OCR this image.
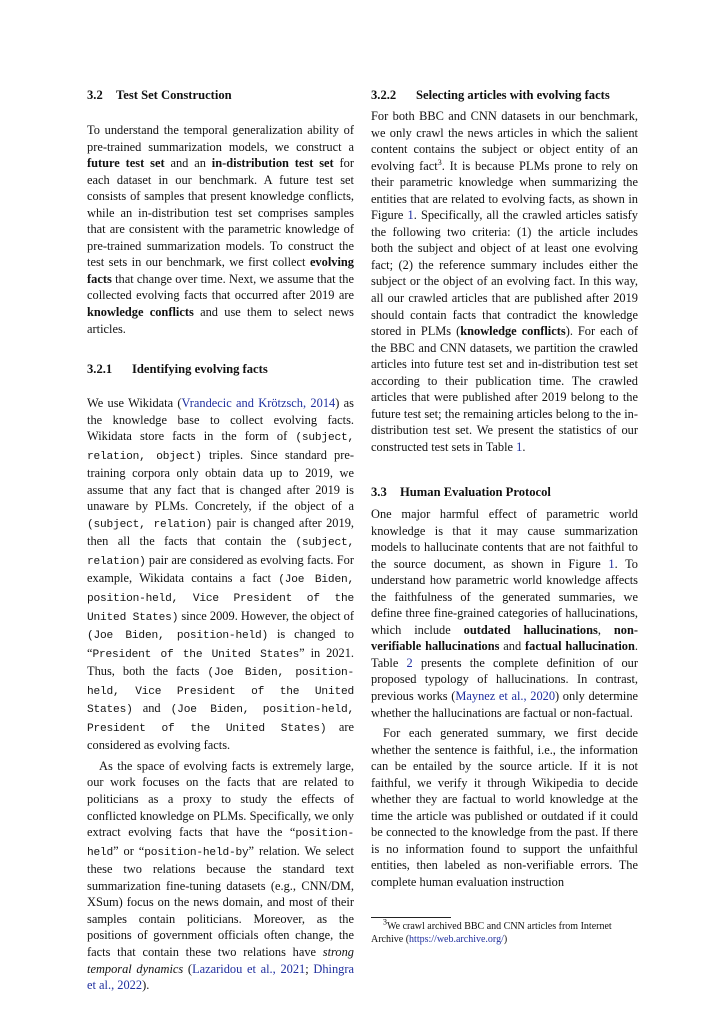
3.2 Test Set Construction

To understand the temporal generalization ability of pre-trained summarization models, we construct a future test set and an in-distribution test set for each dataset in our benchmark. A future test set consists of samples that present knowledge conflicts, while an in-distribution test set comprises samples that are consistent with the parametric knowledge of pre-trained summarization models. To construct the test sets in our benchmark, we first collect evolving facts that change over time. Next, we assume that the collected evolving facts that occurred after 2019 are knowledge conflicts and use them to select news articles.

3.2.1 Identifying evolving facts

We use Wikidata (Vrandecic and Krötzsch, 2014) as the knowledge base to collect evolving facts. Wikidata store facts in the form of (subject, relation, object) triples. Since standard pre-training corpora only obtain data up to 2019, we assume that any fact that is changed after 2019 is unaware by PLMs. Concretely, if the object of a (subject, relation) pair is changed after 2019, then all the facts that contain the (subject, relation) pair are considered as evolving facts. For example, Wikidata contains a fact (Joe Biden, position-held, Vice President of the United States) since 2009. However, the object of (Joe Biden, position-held) is changed to “President of the United States” in 2021. Thus, both the facts (Joe Biden, position-held, Vice President of the United States) and (Joe Biden, position-held, President of the United States) are considered as evolving facts.

As the space of evolving facts is extremely large, our work focuses on the facts that are related to politicians as a proxy to study the effects of conflicted knowledge on PLMs. Specifically, we only extract evolving facts that have the “position-held” or “position-held-by” relation. We select these two relations because the standard text summarization fine-tuning datasets (e.g., CNN/DM, XSum) focus on the news domain, and most of their samples contain politicians. Moreover, as the positions of government officials often change, the facts that contain these two relations have strong temporal dynamics (Lazaridou et al., 2021; Dhingra et al., 2022).

3.2.2 Selecting articles with evolving facts

For both BBC and CNN datasets in our benchmark, we only crawl the news articles in which the salient content contains the subject or object entity of an evolving fact$^3$. It is because PLMs prone to rely on their parametric knowledge when summarizing the entities that are related to evolving facts, as shown in Figure 1. Specifically, all the crawled articles satisfy the following two criteria: (1) the article includes both the subject and object of at least one evolving fact; (2) the reference summary includes either the subject or the object of an evolving fact. In this way, all our crawled articles that are published after 2019 should contain facts that contradict the knowledge stored in PLMs (knowledge conflicts). For each of the BBC and CNN datasets, we partition the crawled articles into future test set and in-distribution test set according to their publication time. The crawled articles that were published after 2019 belong to the future test set; the remaining articles belong to the in-distribution test set. We present the statistics of our constructed test sets in Table 1.

3.3 Human Evaluation Protocol

One major harmful effect of parametric world knowledge is that it may cause summarization models to hallucinate contents that are not faithful to the source document, as shown in Figure 1. To understand how parametric world knowledge affects the faithfulness of the generated summaries, we define three fine-grained categories of hallucinations, which include outdated hallucinations, non-verifiable hallucinations and factual hallucination. Table 2 presents the complete definition of our proposed typology of hallucinations. In contrast, previous works (Maynez et al., 2020) only determine whether the hallucinations are factual or non-factual.

For each generated summary, we first decide whether the sentence is faithful, i.e., the information can be entailed by the source article. If it is not faithful, we verify it through Wikipedia to decide whether they are factual to world knowledge at the time the article was published or outdated if it could be connected to the knowledge from the past. If there is no information found to support the unfaithful entities, then labeled as non-verifiable errors. The complete human evaluation instruction

$^3$We crawl archived BBC and CNN articles from Internet Archive (https://web.archive.org/)
